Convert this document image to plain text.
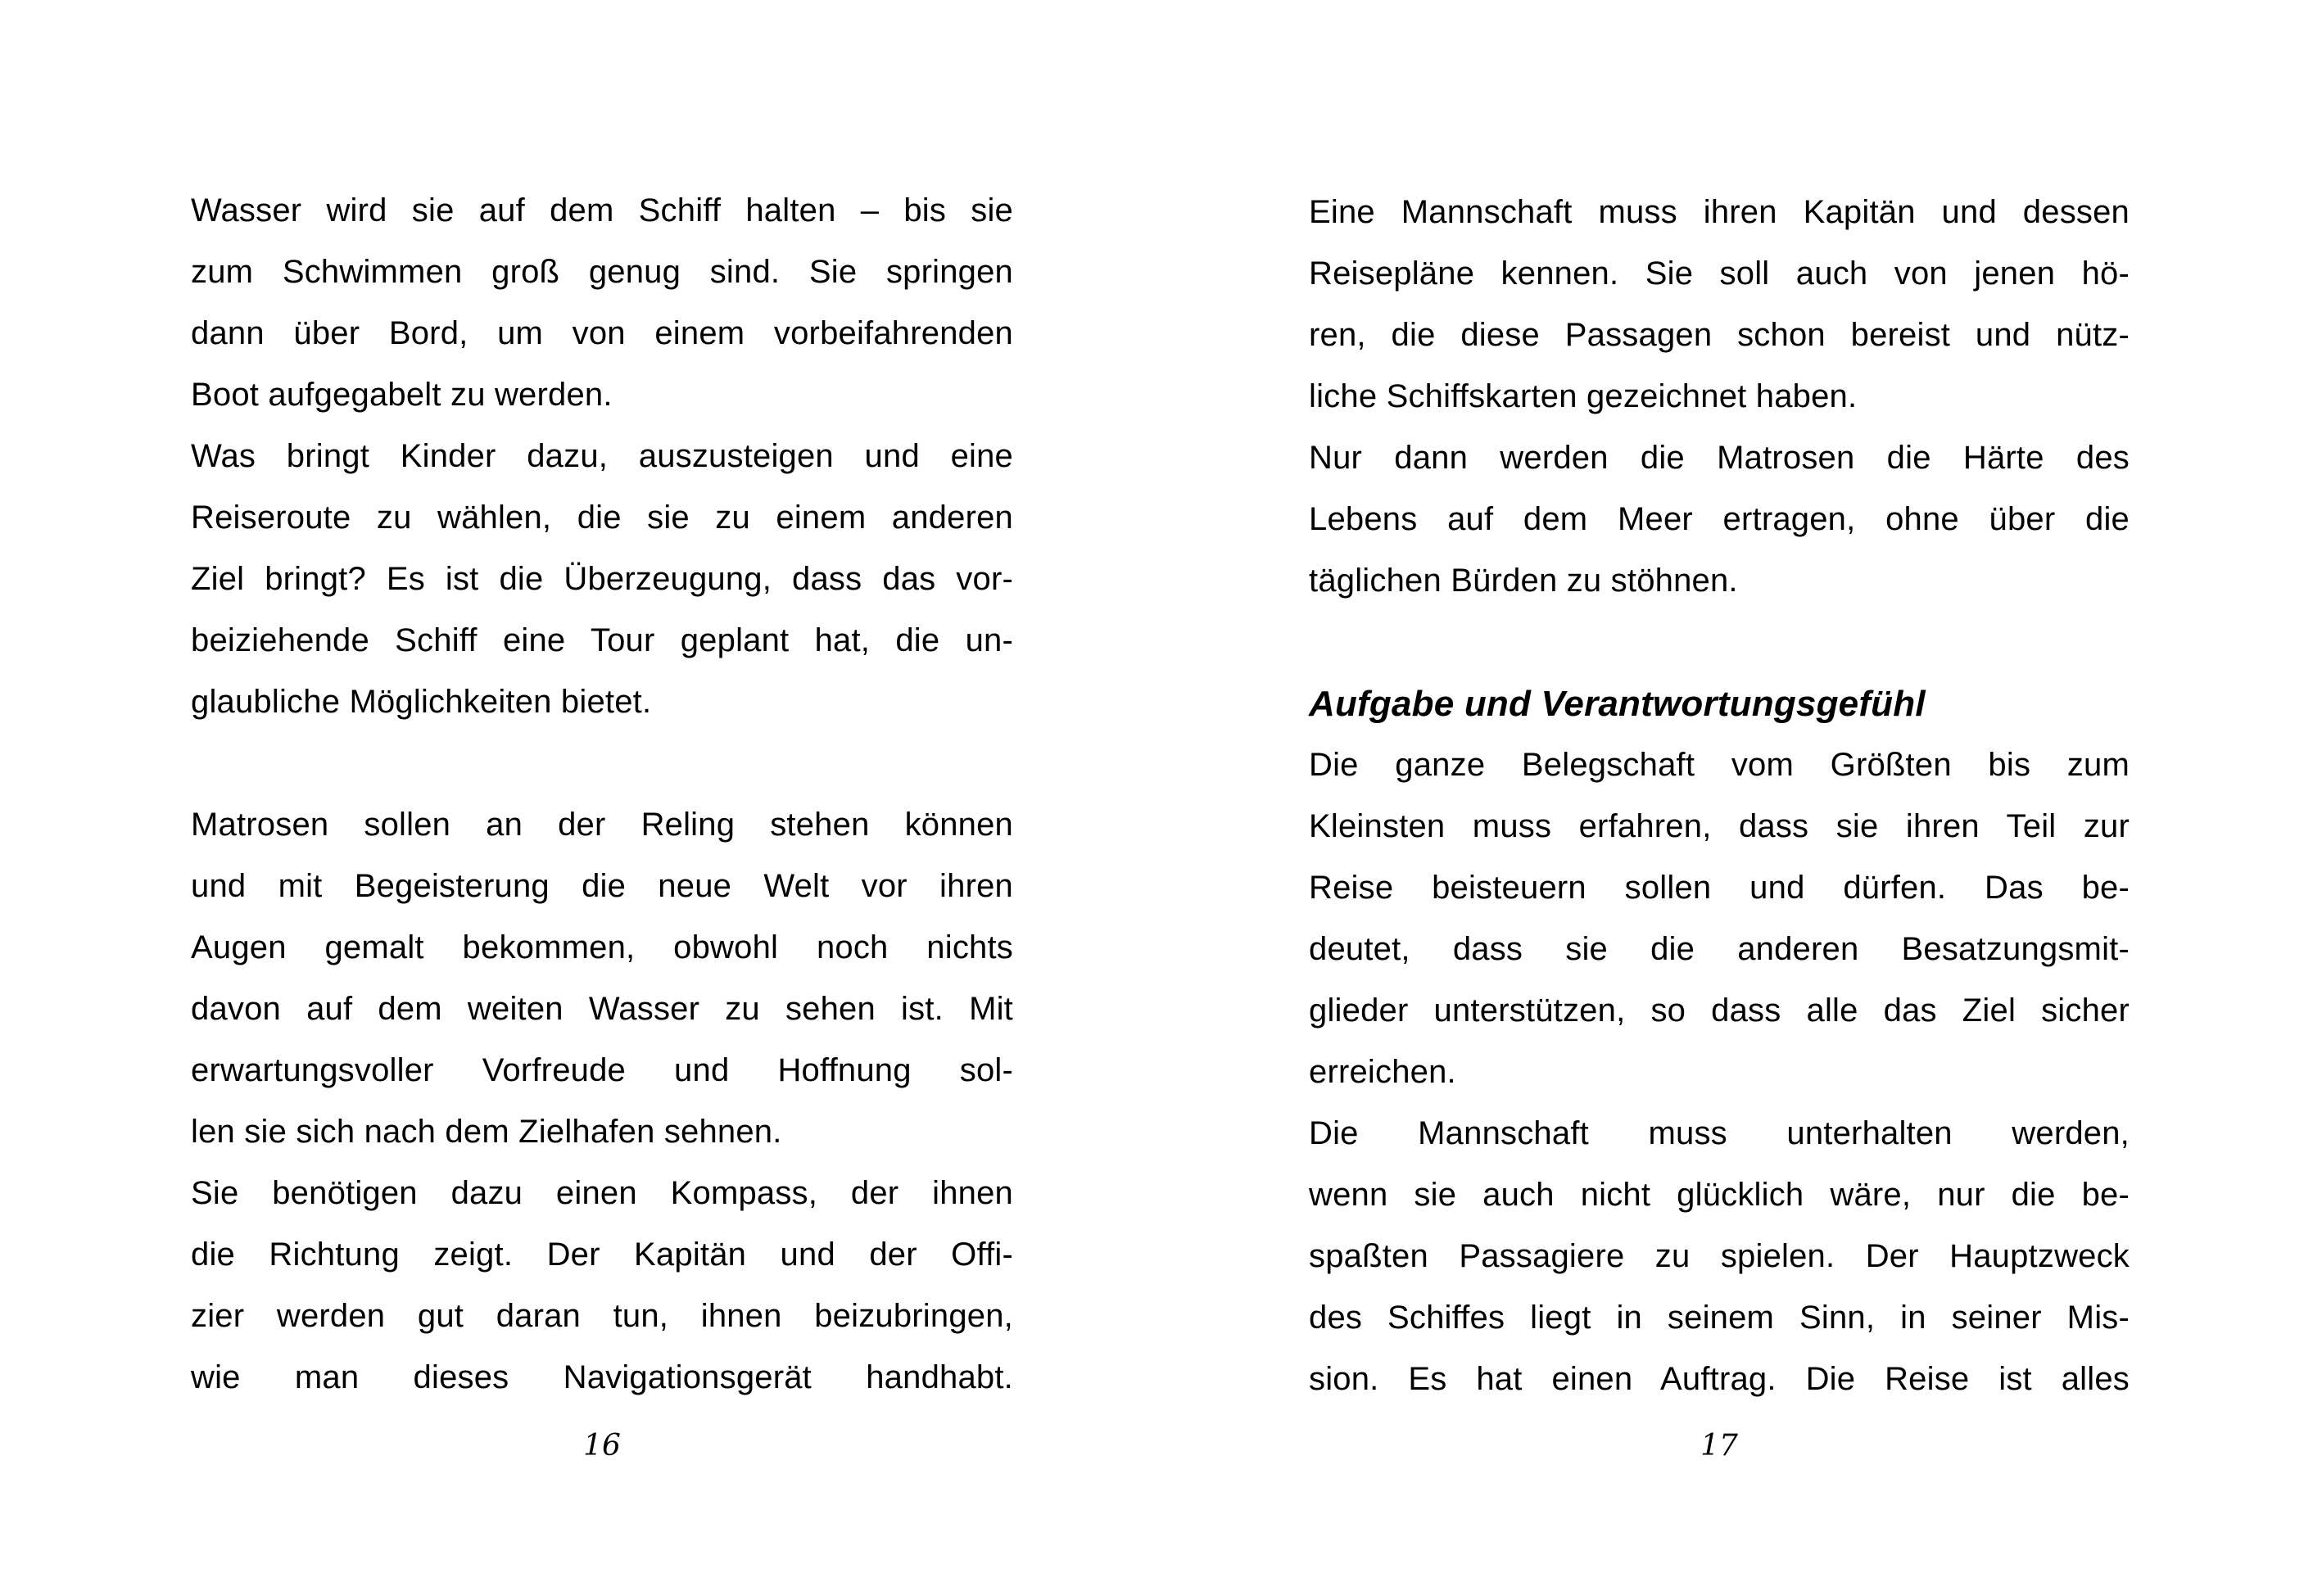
Wasser wird sie auf dem Schiff halten – bis sie
zum Schwimmen groß genug sind. Sie springen
dann über Bord, um von einem vorbeifahrenden
Boot aufgegabelt zu werden.
Was bringt Kinder dazu, auszusteigen und eine
Reiseroute zu wählen, die sie zu einem anderen
Ziel bringt? Es ist die Überzeugung, dass das vor-
beiziehende Schiff eine Tour geplant hat, die un-
glaubliche Möglichkeiten bietet.
Matrosen sollen an der Reling stehen können
und mit Begeisterung die neue Welt vor ihren
Augen gemalt bekommen, obwohl noch nichts
davon auf dem weiten Wasser zu sehen ist. Mit
erwartungsvoller Vorfreude und Hoffnung sol-
len sie sich nach dem Zielhafen sehnen.
Sie benötigen dazu einen Kompass, der ihnen
die Richtung zeigt. Der Kapitän und der Offi-
zier werden gut daran tun, ihnen beizubringen,
wie man dieses Navigationsgerät handhabt.
Eine Mannschaft muss ihren Kapitän und dessen
Reisepläne kennen. Sie soll auch von jenen hö-
ren, die diese Passagen schon bereist und nütz-
liche Schiffskarten gezeichnet haben.
Nur dann werden die Matrosen die Härte des
Lebens auf dem Meer ertragen, ohne über die
täglichen Bürden zu stöhnen.
Aufgabe und Verantwortungsgefühl
Die ganze Belegschaft vom Größten bis zum
Kleinsten muss erfahren, dass sie ihren Teil zur
Reise beisteuern sollen und dürfen. Das be-
deutet, dass sie die anderen Besatzungsmit-
glieder unterstützen, so dass alle das Ziel sicher
erreichen.
Die Mannschaft muss unterhalten werden,
wenn sie auch nicht glücklich wäre, nur die be-
spaßten Passagiere zu spielen. Der Hauptzweck
des Schiffes liegt in seinem Sinn, in seiner Mis-
sion. Es hat einen Auftrag. Die Reise ist alles
16	17
